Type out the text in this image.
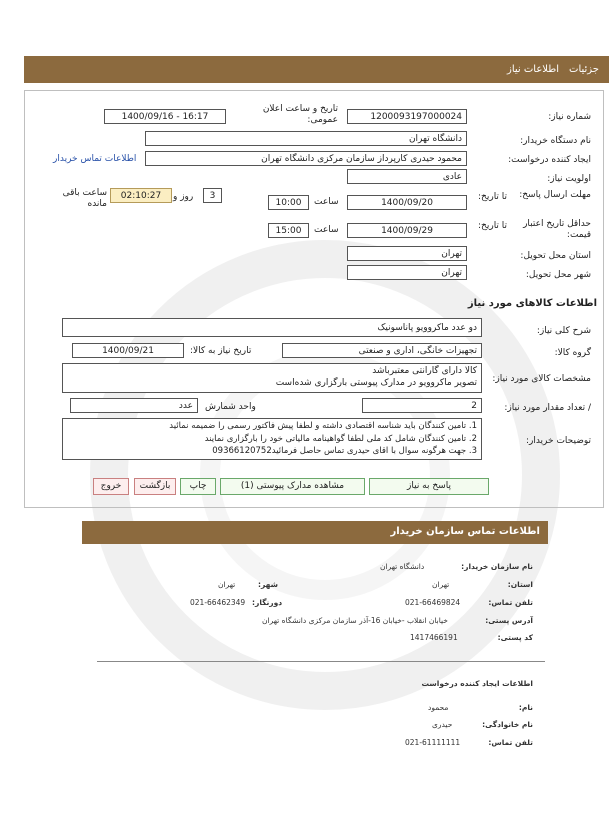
جزئیات
اطلاعات نیاز
شماره نیاز:
1200093197000024
تاریخ و ساعت اعلان عمومی:
1400/09/16 - 16:17
نام دستگاه خریدار:
دانشگاه تهران
ایجاد کننده درخواست:
محمود حیدری کارپرداز سازمان مرکزی دانشگاه تهران
اطلاعات تماس خریدار
اولویت نیاز:
عادی
مهلت ارسال پاسخ:
تا تاریخ:
1400/09/20
ساعت
10:00
3
روز و
02:10:27
ساعت باقی مانده
حداقل تاریخ اعتبار قیمت:
تا تاریخ:
1400/09/29
ساعت
15:00
استان محل تحویل:
تهران
شهر محل تحویل:
تهران
اطلاعات کالاهای مورد نیاز
شرح کلی نیاز:
دو عدد ماکروویو پاناسونیک
گروه کالا:
تجهیزات خانگی، اداری و صنعتی
تاریخ نیاز به کالا:
1400/09/21
مشخصات کالای مورد نیاز:
کالا دارای گارانتی معتبرباشد
تصویر ماکروویو در مدارک پیوستی بارگزاری شده‌است
/ تعداد مقدار مورد نیاز:
2
واحد شمارش
عدد
توضیحات خریدار:
1. تامین کنندگان باید شناسه اقتصادی داشته و لطفا پیش فاکتور رسمی را ضمیمه نمائید
2. تامین کنندگان شامل کد ملی لطفا گواهینامه مالیاتی خود را بارگزاری نمایند
3. جهت هرگونه سوال با اقای حیدری تماس حاصل فرمائید09366120752
پاسخ به نیاز
مشاهده مدارک پیوستی (1)
چاپ
بازگشت
خروج
اطلاعات تماس سازمان خریدار
نام سازمان خریدار:
دانشگاه تهران
استان:
تهران
شهر:
تهران
تلفن تماس:
021-66469824
دورنگار:
021-66462349
آدرس پستی:
خیابان انقلاب -خیابان 16-آذر سازمان مرکزی دانشگاه تهران
کد پستی:
1417466191
اطلاعات ایجاد کننده درخواست
نام:
محمود
نام خانوادگی:
حیدری
تلفن تماس:
021-61111111
